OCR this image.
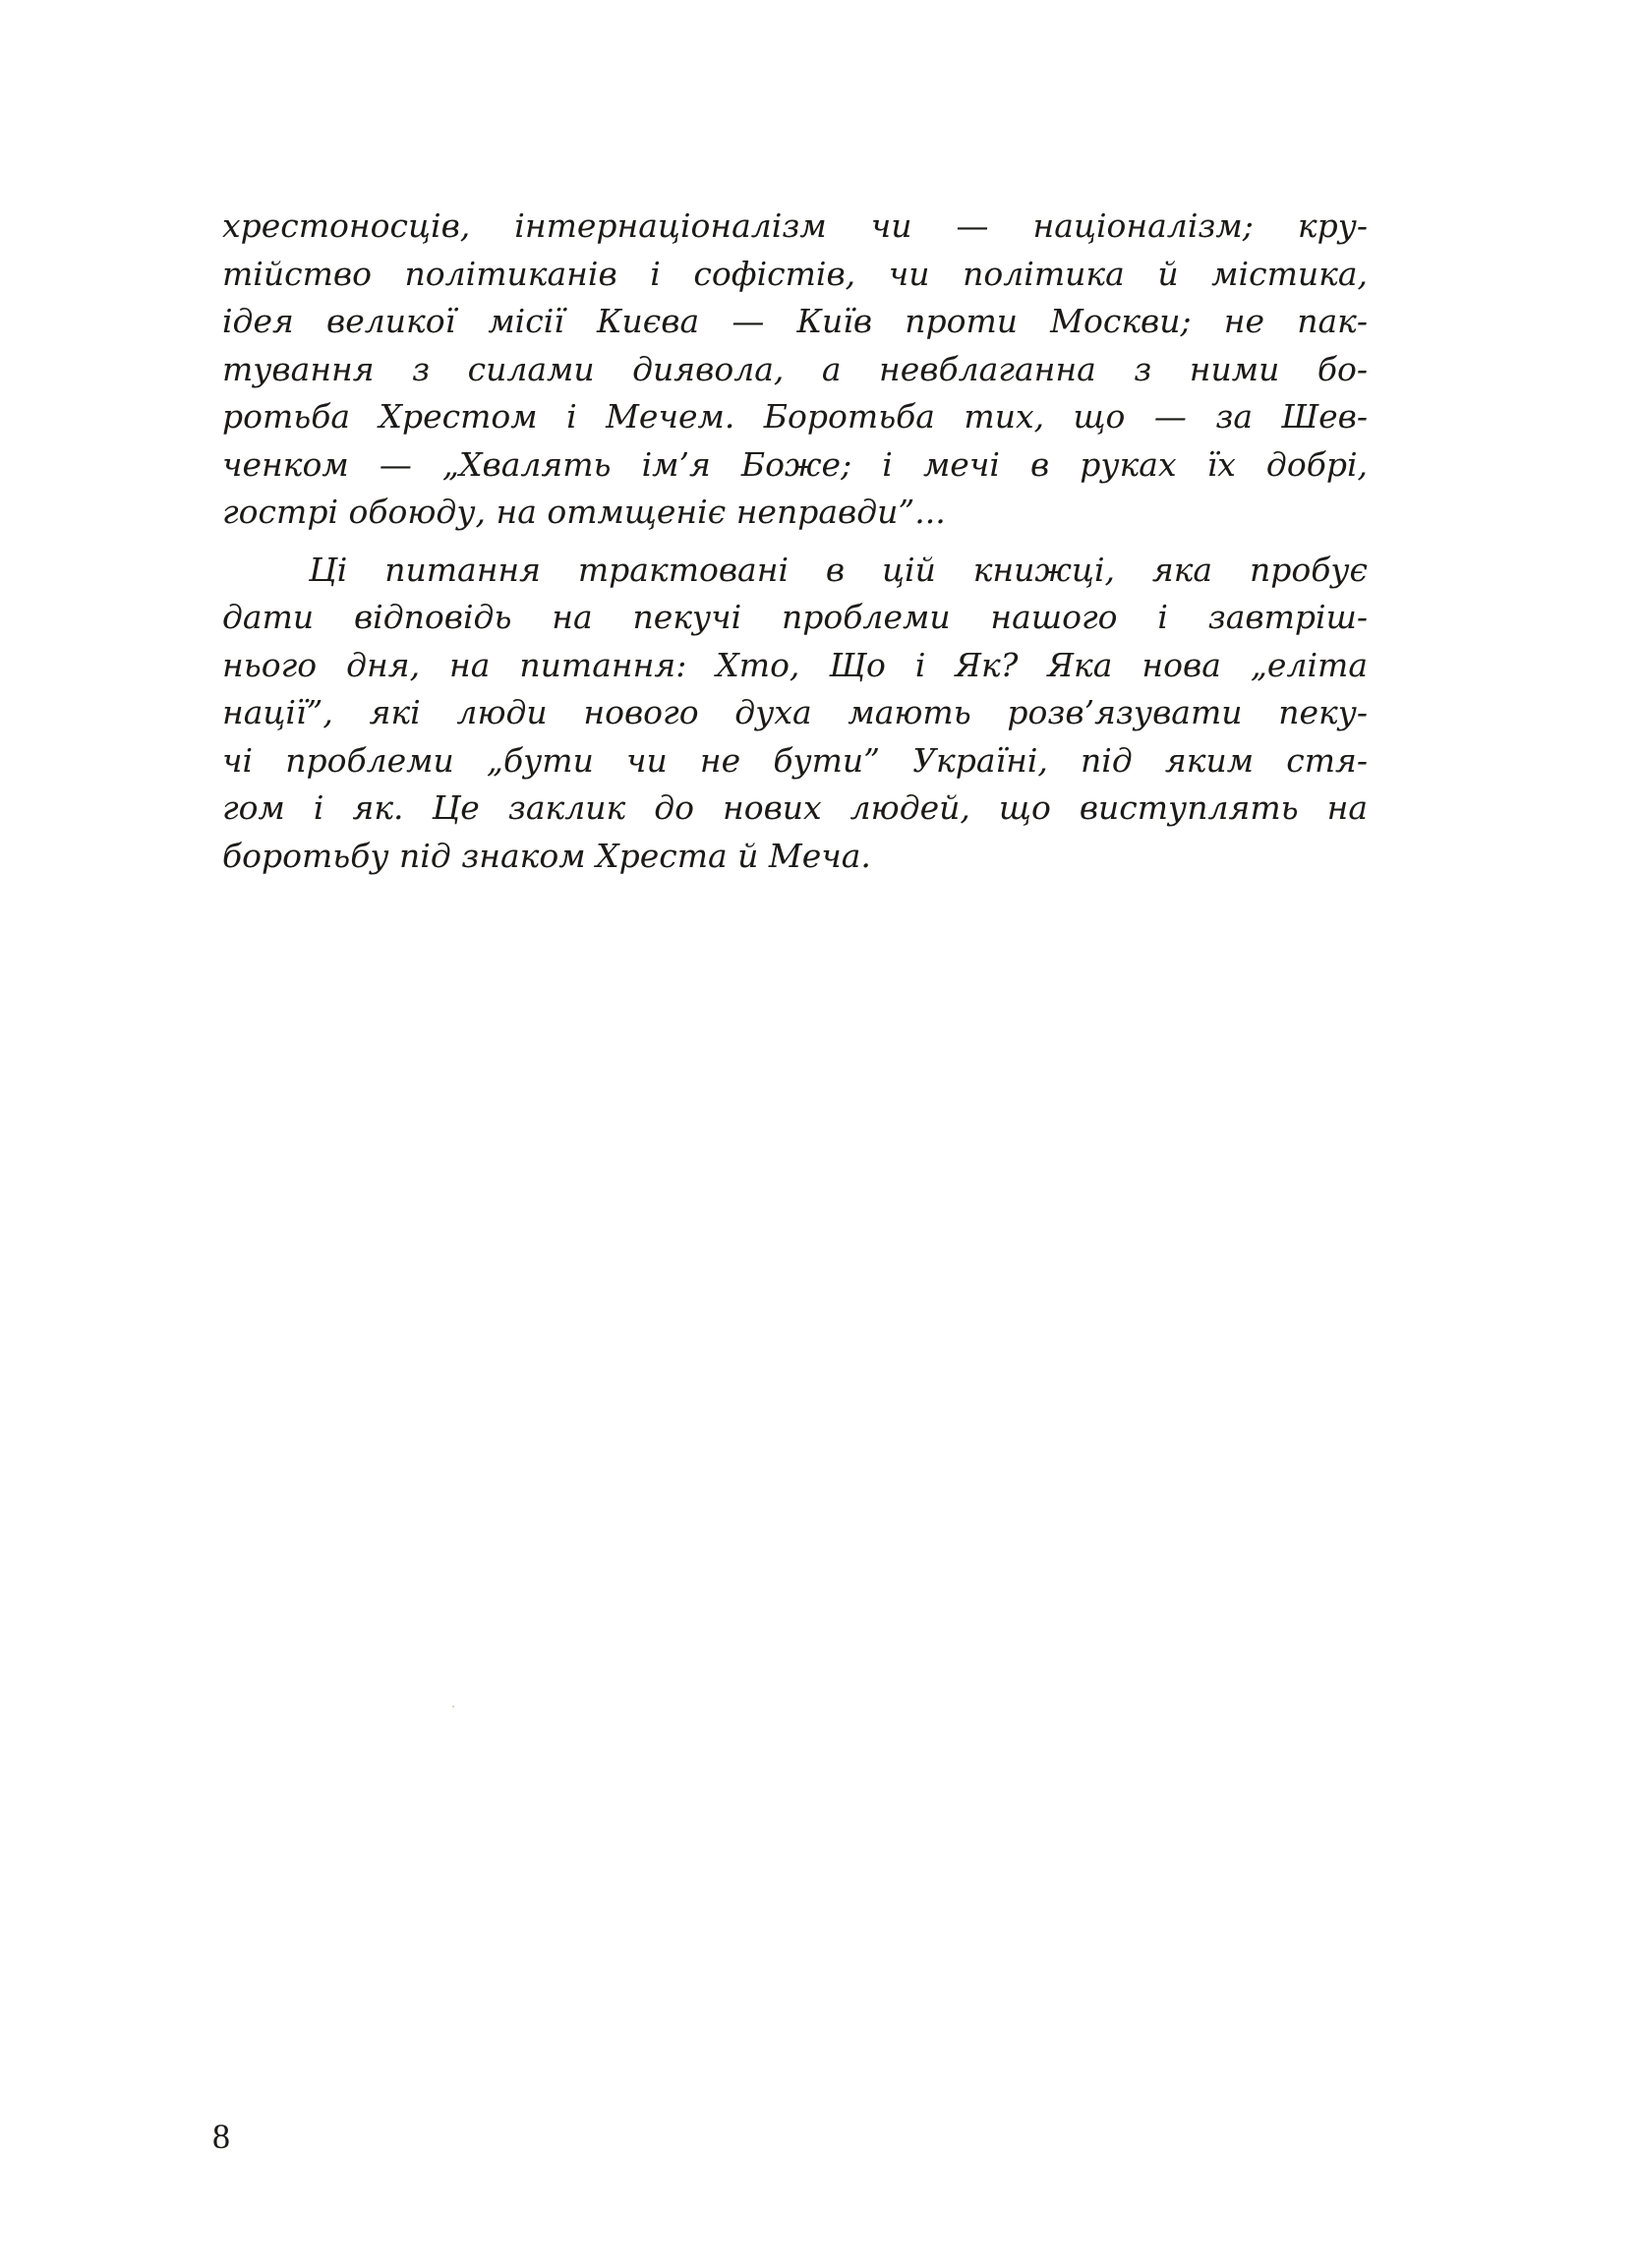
хрестоносців, інтернаціоналізм чи — націоналізм; кру-
тійство політиканів і софістів, чи політика й містика,
ідея великої місії Києва — Київ проти Москви; не пак-
тування з силами диявола, а невблаганна з ними бо-
ротьба Хрестом і Мечем. Боротьба тих, що — за Шев-
ченком — „Хвалять ім’я Боже; і мечі в руках їх добрі,
гострі обоюду, на отмщеніє неправди”...
Ці питання трактовані в цій книжці, яка пробує
дати відповідь на пекучі проблеми нашого і завтріш-
нього дня, на питання: Хто, Що і Як? Яка нова „еліта
нації”, які люди нового духа мають розв’язувати пеку-
чі проблеми „бути чи не бути” Україні, під яким стя-
гом і як. Це заклик до нових людей, що виступлять на
боротьбу під знаком Хреста й Меча.
8
